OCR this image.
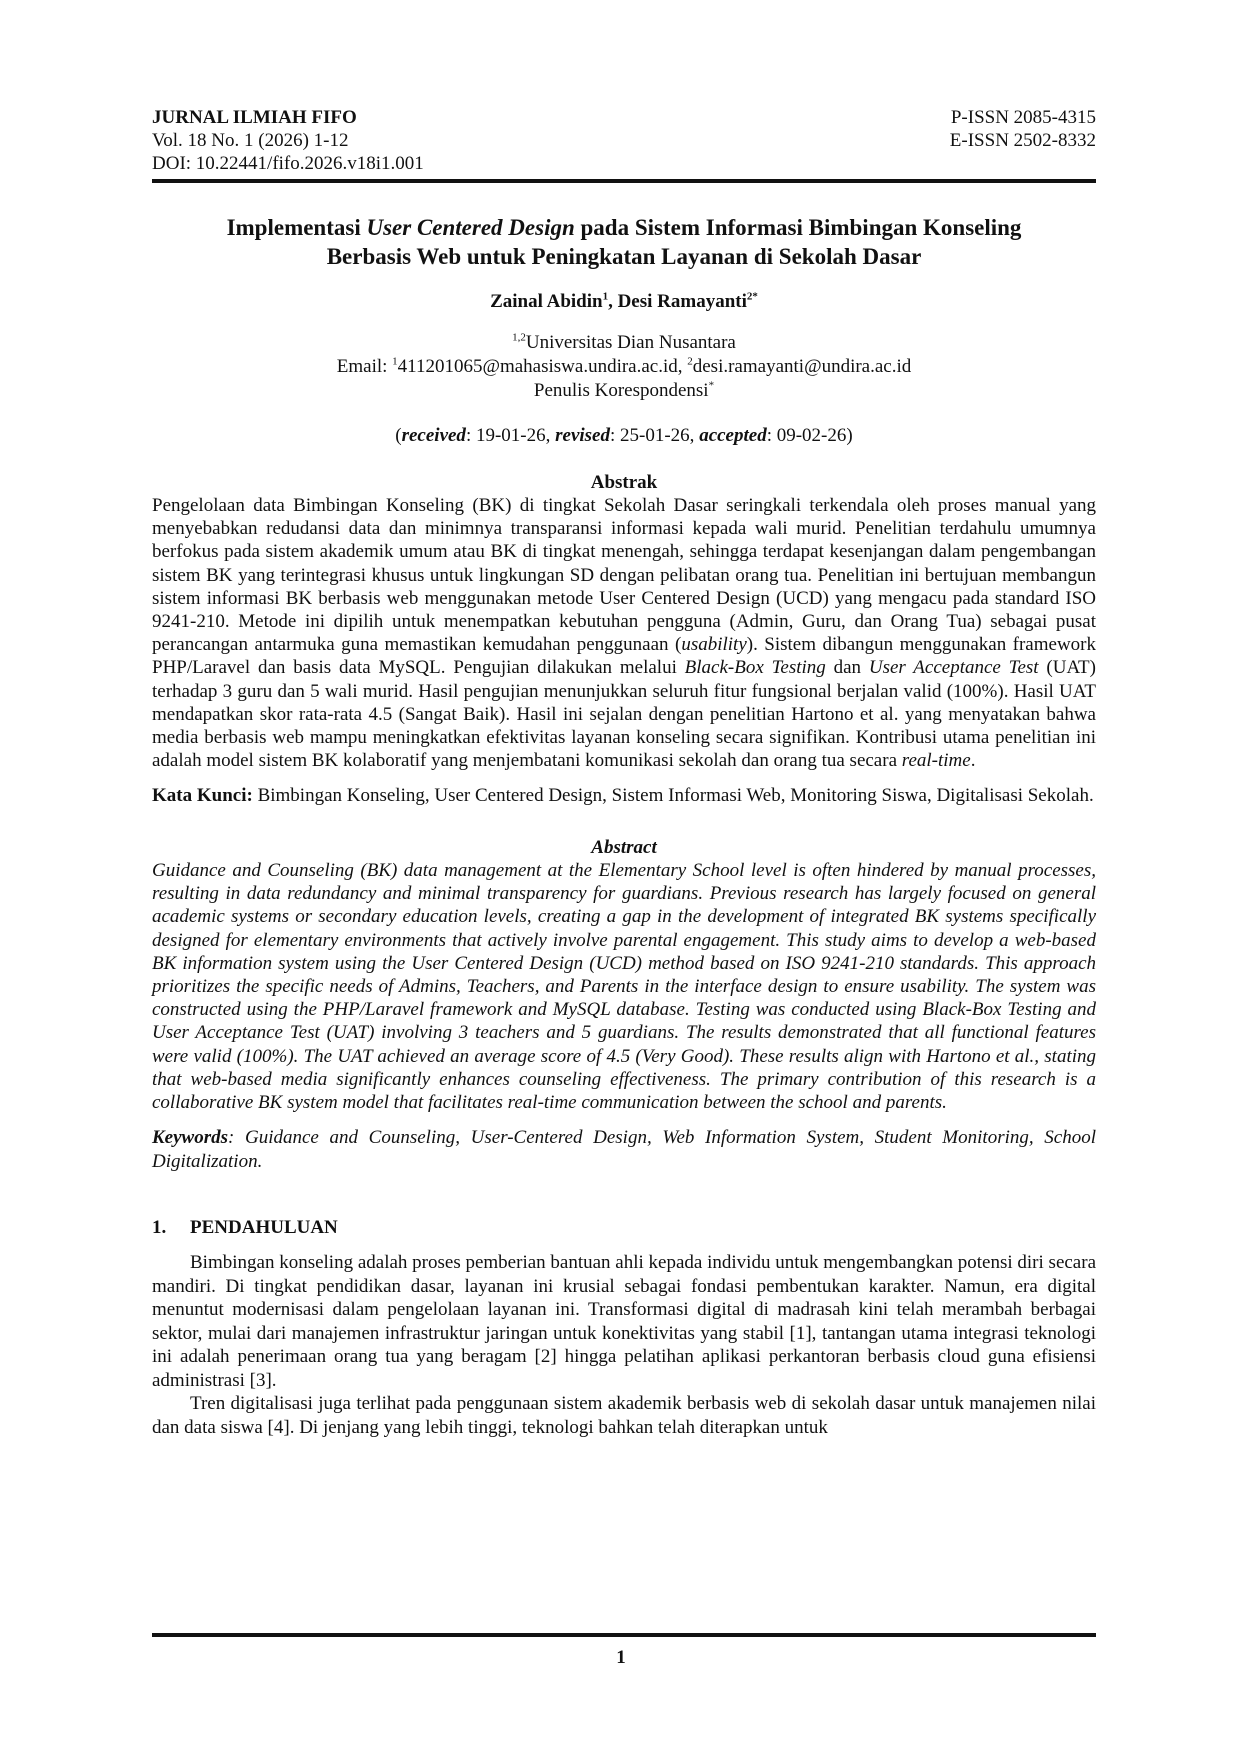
JURNAL ILMIAH FIFO
Vol. 18 No. 1 (2026) 1-12
DOI: 10.22441/fifo.2026.v18i1.001
P-ISSN 2085-4315
E-ISSN 2502-8332
Implementasi User Centered Design pada Sistem Informasi Bimbingan Konseling
Berbasis Web untuk Peningkatan Layanan di Sekolah Dasar
Zainal Abidin$^1$, Desi Ramayanti$^{2*}$
$^{1,2}$Universitas Dian Nusantara
Email: $^1$411201065@mahasiswa.undira.ac.id, $^2$desi.ramayanti@undira.ac.id
Penulis Korespondensi*
(received: 19-01-26, revised: 25-01-26, accepted: 09-02-26)
Abstrak
Pengelolaan data Bimbingan Konseling (BK) di tingkat Sekolah Dasar seringkali terkendala oleh proses manual yang menyebabkan redudansi data dan minimnya transparansi informasi kepada wali murid. Penelitian terdahulu umumnya berfokus pada sistem akademik umum atau BK di tingkat menengah, sehingga terdapat kesenjangan dalam pengembangan sistem BK yang terintegrasi khusus untuk lingkungan SD dengan pelibatan orang tua. Penelitian ini bertujuan membangun sistem informasi BK berbasis web menggunakan metode User Centered Design (UCD) yang mengacu pada standard ISO 9241-210. Metode ini dipilih untuk menempatkan kebutuhan pengguna (Admin, Guru, dan Orang Tua) sebagai pusat perancangan antarmuka guna memastikan kemudahan penggunaan (usability). Sistem dibangun menggunakan framework PHP/Laravel dan basis data MySQL. Pengujian dilakukan melalui Black-Box Testing dan User Acceptance Test (UAT) terhadap 3 guru dan 5 wali murid. Hasil pengujian menunjukkan seluruh fitur fungsional berjalan valid (100%). Hasil UAT mendapatkan skor rata-rata 4.5 (Sangat Baik). Hasil ini sejalan dengan penelitian Hartono et al. yang menyatakan bahwa media berbasis web mampu meningkatkan efektivitas layanan konseling secara signifikan. Kontribusi utama penelitian ini adalah model sistem BK kolaboratif yang menjembatani komunikasi sekolah dan orang tua secara real-time.
Kata Kunci: Bimbingan Konseling, User Centered Design, Sistem Informasi Web, Monitoring Siswa, Digitalisasi Sekolah.
Abstract
Guidance and Counseling (BK) data management at the Elementary School level is often hindered by manual processes, resulting in data redundancy and minimal transparency for guardians. Previous research has largely focused on general academic systems or secondary education levels, creating a gap in the development of integrated BK systems specifically designed for elementary environments that actively involve parental engagement. This study aims to develop a web-based BK information system using the User Centered Design (UCD) method based on ISO 9241-210 standards. This approach prioritizes the specific needs of Admins, Teachers, and Parents in the interface design to ensure usability. The system was constructed using the PHP/Laravel framework and MySQL database. Testing was conducted using Black-Box Testing and User Acceptance Test (UAT) involving 3 teachers and 5 guardians. The results demonstrated that all functional features were valid (100%). The UAT achieved an average score of 4.5 (Very Good). These results align with Hartono et al., stating that web-based media significantly enhances counseling effectiveness. The primary contribution of this research is a collaborative BK system model that facilitates real-time communication between the school and parents.
Keywords: Guidance and Counseling, User-Centered Design, Web Information System, Student Monitoring, School Digitalization.
1.	PENDAHULUAN
Bimbingan konseling adalah proses pemberian bantuan ahli kepada individu untuk mengembangkan potensi diri secara mandiri. Di tingkat pendidikan dasar, layanan ini krusial sebagai fondasi pembentukan karakter. Namun, era digital menuntut modernisasi dalam pengelolaan layanan ini. Transformasi digital di madrasah kini telah merambah berbagai sektor, mulai dari manajemen infrastruktur jaringan untuk konektivitas yang stabil [1], tantangan utama integrasi teknologi ini adalah penerimaan orang tua yang beragam [2] hingga pelatihan aplikasi perkantoran berbasis cloud guna efisiensi administrasi [3].
Tren digitalisasi juga terlihat pada penggunaan sistem akademik berbasis web di sekolah dasar untuk manajemen nilai dan data siswa [4]. Di jenjang yang lebih tinggi, teknologi bahkan telah diterapkan untuk
1
